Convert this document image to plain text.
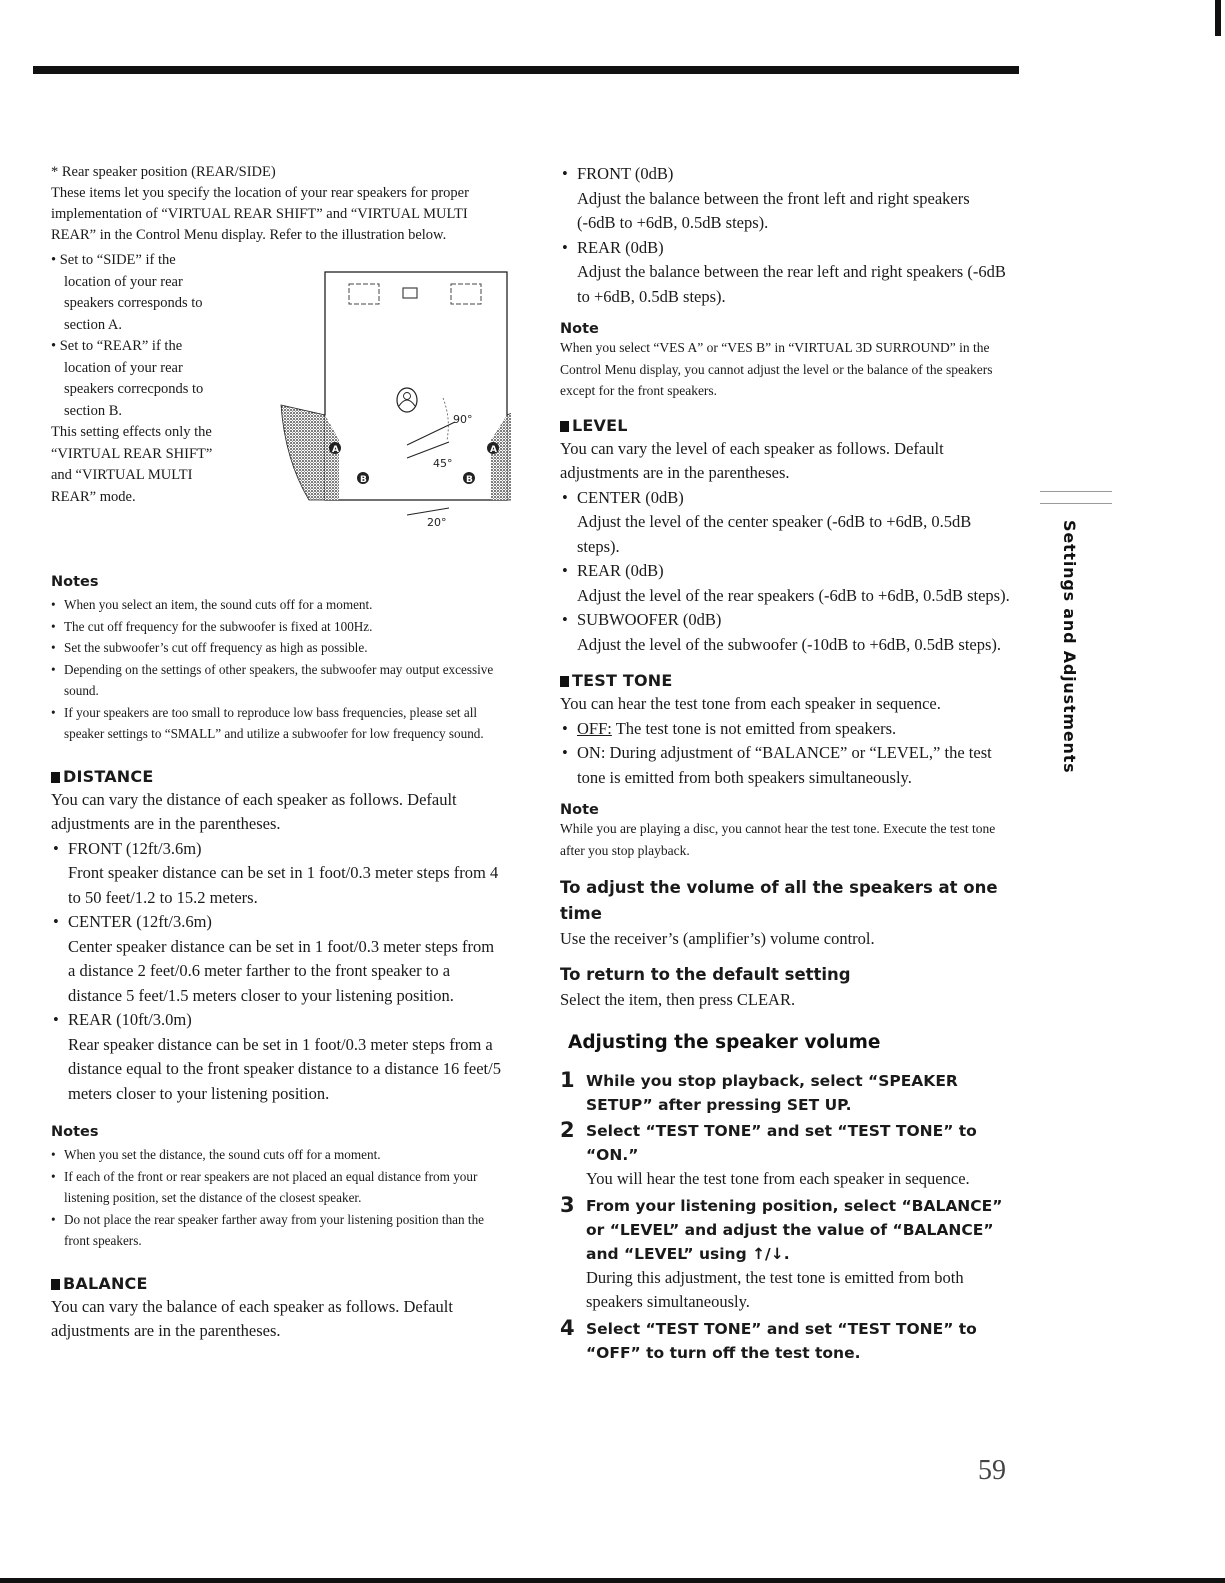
* Rear speaker position (REAR/SIDE)

These items let you specify the location of your rear speakers for proper implementation of “VIRTUAL REAR SHIFT” and “VIRTUAL MULTI REAR” in the Control Menu display. Refer to the illustration below.

• Set to “SIDE” if the
location of your rear speakers corresponds to section A.
• Set to “REAR” if the
location of your rear speakers correcponds to section B.
This setting effects only the “VIRTUAL REAR SHIFT” and “VIRTUAL MULTI REAR” mode.
90°
45°
20°
A	A
B	B

Notes

• When you select an item, the sound cuts off for a moment.
• The cut off frequency for the subwoofer is fixed at 100Hz.
• Set the subwoofer’s cut off frequency as high as possible.
• Depending on the settings of other speakers, the subwoofer may output excessive sound.
• If your speakers are too small to reproduce low bass frequencies, please set all speaker settings to “SMALL” and utilize a subwoofer for low frequency sound.

DISTANCE

You can vary the distance of each speaker as follows. Default adjustments are in the parentheses.

• FRONT (12ft/3.6m)
Front speaker distance can be set in 1 foot/0.3 meter steps from 4 to 50 feet/1.2 to 15.2 meters.
• CENTER (12ft/3.6m)
Center speaker distance can be set in 1 foot/0.3 meter steps from a distance 2 feet/0.6 meter farther to the front speaker to a distance 5 feet/1.5 meters closer to your listening position.
• REAR (10ft/3.0m)
Rear speaker distance can be set in 1 foot/0.3 meter steps from a distance equal to the front speaker distance to a distance 16 feet/5 meters closer to your listening position.

Notes

• When you set the distance, the sound cuts off for a moment.
• If each of the front or rear speakers are not placed an equal distance from your listening position, set the distance of the closest speaker.
• Do not place the rear speaker farther away from your listening position than the front speakers.

BALANCE

You can vary the balance of each speaker as follows. Default adjustments are in the parentheses.

• FRONT (0dB)
Adjust the balance between the front left and right speakers (-6dB to +6dB, 0.5dB steps).
• REAR (0dB)
Adjust the balance between the rear left and right speakers (-6dB to +6dB, 0.5dB steps).

Note

When you select “VES A” or “VES B” in “VIRTUAL 3D SURROUND” in the Control Menu display, you cannot adjust the level or the balance of the speakers except for the front speakers.

LEVEL

You can vary the level of each speaker as follows. Default adjustments are in the parentheses.

• CENTER (0dB)
Adjust the level of the center speaker (-6dB to +6dB, 0.5dB steps).
• REAR (0dB)
Adjust the level of the rear speakers (-6dB to +6dB, 0.5dB steps).
• SUBWOOFER (0dB)
Adjust the level of the subwoofer (-10dB to +6dB, 0.5dB steps).

TEST TONE

You can hear the test tone from each speaker in sequence.

• OFF: The test tone is not emitted from speakers.
• ON: During adjustment of “BALANCE” or “LEVEL,” the test tone is emitted from both speakers simultaneously.

Note

While you are playing a disc, you cannot hear the test tone. Execute the test tone after you stop playback.

To adjust the volume of all the speakers at one time

Use the receiver’s (amplifier’s) volume control.

To return to the default setting

Select the item, then press CLEAR.

Adjusting the speaker volume

1 While you stop playback, select “SPEAKER SETUP” after pressing SET UP.
2 Select “TEST TONE” and set “TEST TONE” to “ON.”
You will hear the test tone from each speaker in sequence.
3 From your listening position, select “BALANCE” or “LEVEL” and adjust the value of “BALANCE” and “LEVEL” using ↑/↓.
During this adjustment, the test tone is emitted from both speakers simultaneously.
4 Select “TEST TONE” and set “TEST TONE” to “OFF” to turn off the test tone.
Settings and Adjustments
59
